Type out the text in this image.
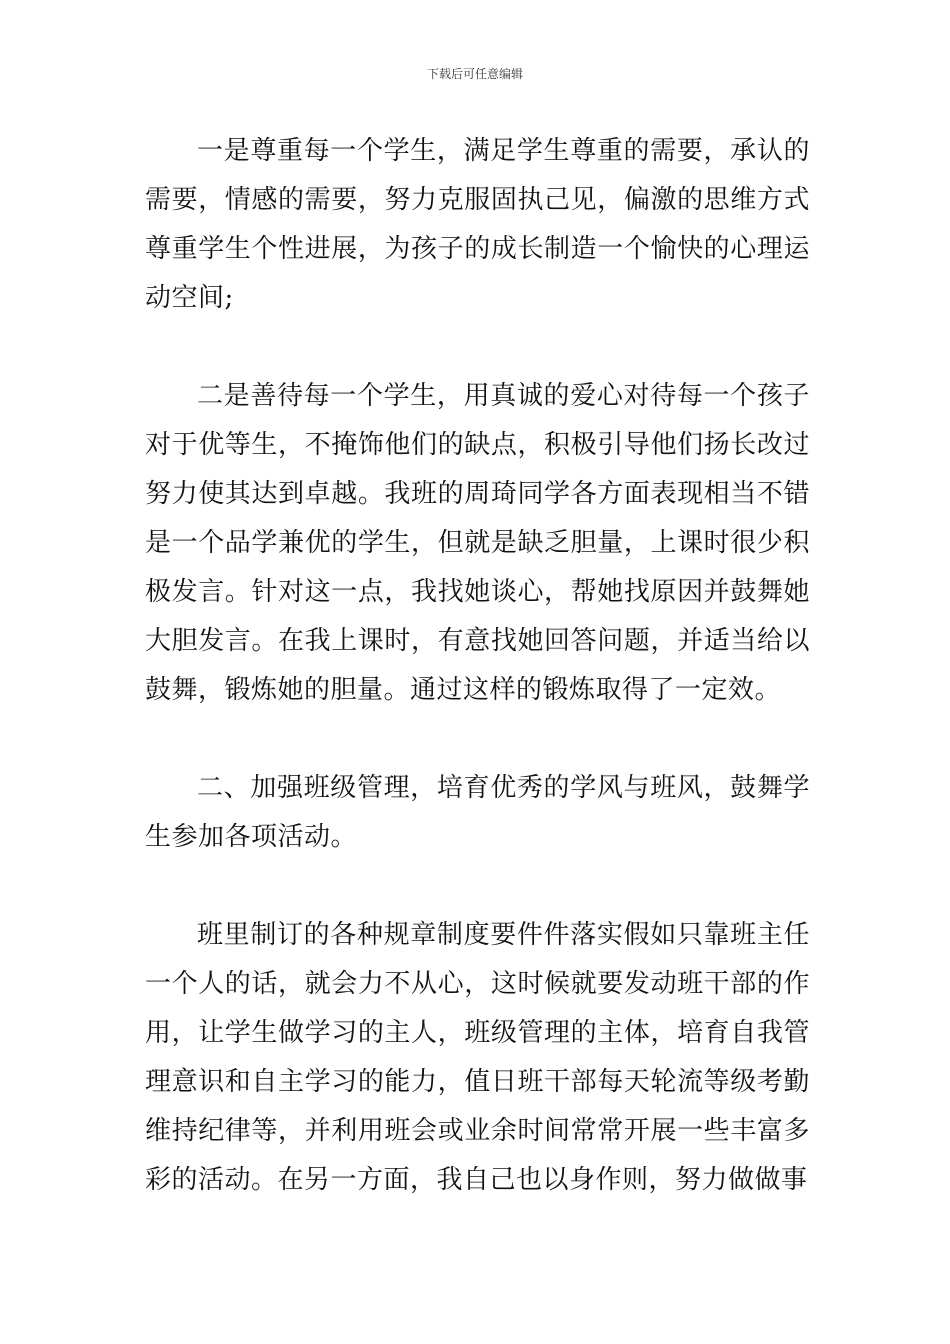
下载后可任意编辑

一是尊重每一个学生，满足学生尊重的需要，承认的需要，情感的需要，努力克服固执己见，偏激的思维方式尊重学生个性进展，为孩子的成长制造一个愉快的心理运动空间;

二是善待每一个学生，用真诚的爱心对待每一个孩子对于优等生，不掩饰他们的缺点，积极引导他们扬长改过努力使其达到卓越。我班的周琦同学各方面表现相当不错是一个品学兼优的学生，但就是缺乏胆量，上课时很少积极发言。针对这一点，我找她谈心，帮她找原因并鼓舞她大胆发言。在我上课时，有意找她回答问题，并适当给以鼓舞，锻炼她的胆量。通过这样的锻炼取得了一定效。

二、加强班级管理，培育优秀的学风与班风，鼓舞学生参加各项活动。

班里制订的各种规章制度要件件落实假如只靠班主任一个人的话，就会力不从心，这时候就要发动班干部的作用，让学生做学习的主人，班级管理的主体，培育自我管理意识和自主学习的能力，值日班干部每天轮流等级考勤维持纪律等，并利用班会或业余时间常常开展一些丰富多彩的活动。在另一方面，我自己也以身作则，努力做做事
